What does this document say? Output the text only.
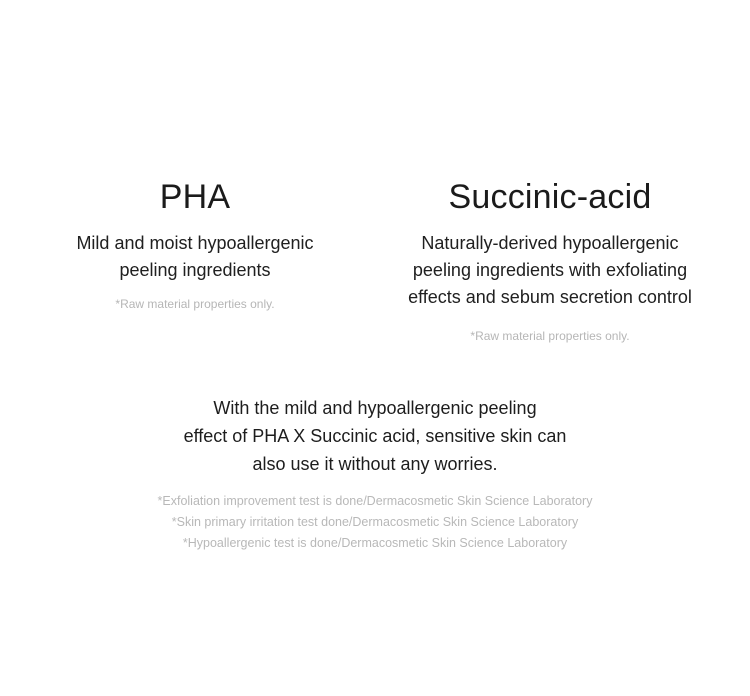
PHA

Mild and moist hypoallergenic
peeling ingredients

*Raw material properties only.
Succinic-acid

Naturally-derived hypoallergenic
peeling ingredients with exfoliating
effects and sebum secretion control

*Raw material properties only.

With the mild and hypoallergenic peeling
effect of PHA X Succinic acid, sensitive skin can
also use it without any worries.

*Exfoliation improvement test is done/Dermacosmetic Skin Science Laboratory
*Skin primary irritation test done/Dermacosmetic Skin Science Laboratory
*Hypoallergenic test is done/Dermacosmetic Skin Science Laboratory
